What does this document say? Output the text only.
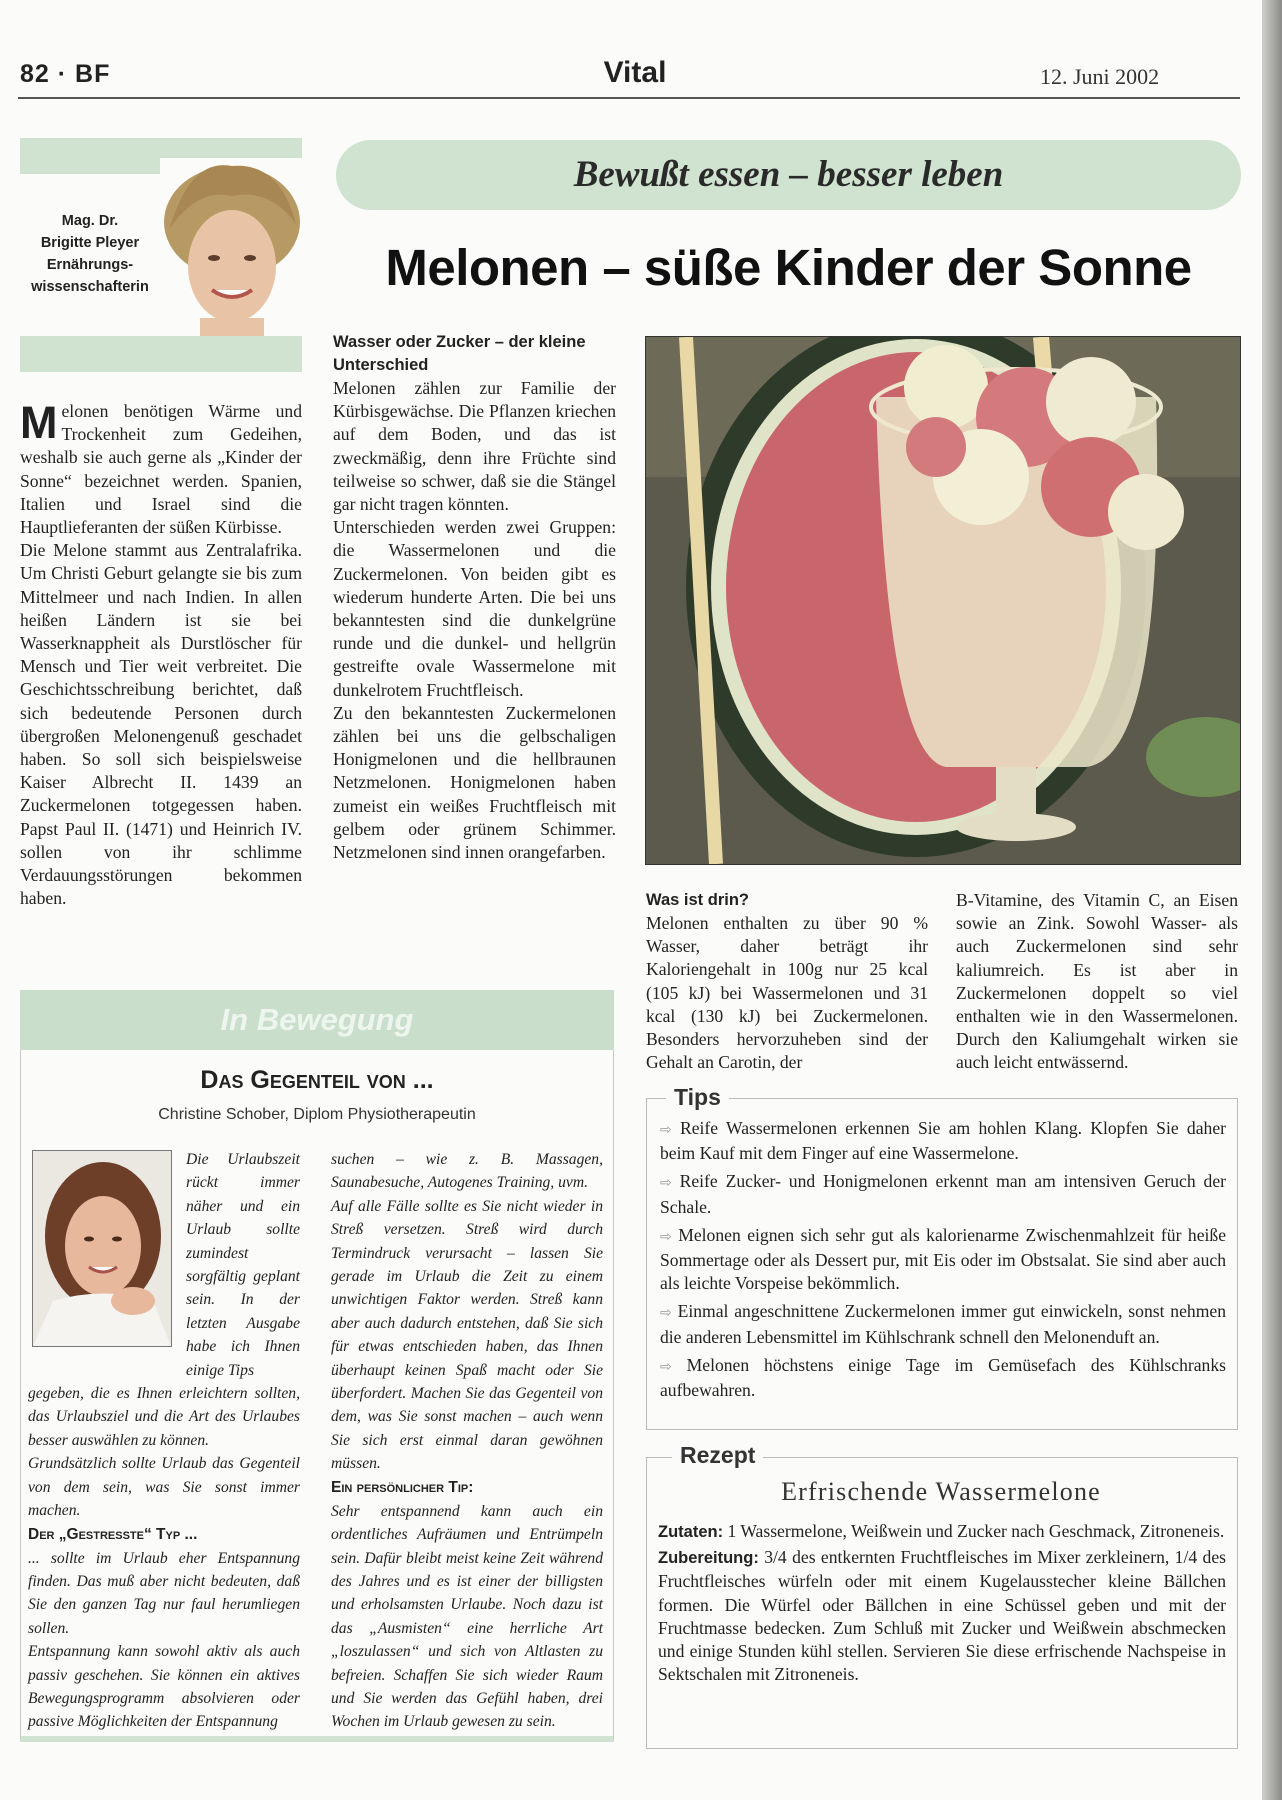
82 · BF	Vital	12. Juni 2002
Mag. Dr.
Brigitte Pleyer
Ernährungs-
wissenschafterin
Bewußt essen – besser leben
Melonen – süße Kinder der Sonne

M elonen benötigen Wärme und Trockenheit zum Gedeihen, weshalb sie auch gerne als „Kinder der Sonne“ bezeichnet werden. Spanien, Italien und Israel sind die Hauptlieferanten der süßen Kürbisse.

Die Melone stammt aus Zentralafrika. Um Christi Geburt gelangte sie bis zum Mittelmeer und nach Indien. In allen heißen Ländern ist sie bei Wasserknappheit als Durstlöscher für Mensch und Tier weit verbreitet. Die Geschichtsschreibung berichtet, daß sich bedeutende Personen durch übergroßen Melonengenuß geschadet haben. So soll sich beispielsweise Kaiser Albrecht II. 1439 an Zuckermelonen totgegessen haben. Papst Paul II. (1471) und Heinrich IV. sollen von ihr schlimme Verdauungsstörungen bekommen haben.

Wasser oder Zucker – der kleine Unterschied

Melonen zählen zur Familie der Kürbisgewächse. Die Pflanzen kriechen auf dem Boden, und das ist zweckmäßig, denn ihre Früchte sind teilweise so schwer, daß sie die Stängel gar nicht tragen könnten.

Unterschieden werden zwei Gruppen: die Wassermelonen und die Zuckermelonen. Von beiden gibt es wiederum hunderte Arten. Die bei uns bekanntesten sind die dunkelgrüne runde und die dunkel- und hellgrün gestreifte ovale Wassermelone mit dunkelrotem Fruchtfleisch.

Zu den bekanntesten Zuckermelonen zählen bei uns die gelbschaligen Honigmelonen und die hellbraunen Netzmelonen. Honigmelonen haben zumeist ein weißes Fruchtfleisch mit gelbem oder grünem Schimmer. Netzmelonen sind innen orangefarben.

Was ist drin?

Melonen enthalten zu über 90 % Wasser, daher beträgt ihr Kaloriengehalt in 100g nur 25 kcal (105 kJ) bei Wassermelonen und 31 kcal (130 kJ) bei Zuckermelonen. Besonders hervorzuheben sind der Gehalt an Carotin, der

B-Vitamine, des Vitamin C, an Eisen sowie an Zink. Sowohl Wasser- als auch Zuckermelonen sind sehr kaliumreich. Es ist aber in Zuckermelonen doppelt so viel enthalten wie in den Wassermelonen. Durch den Kaliumgehalt wirken sie auch leicht entwässernd.

Tips

⇨ Reife Wassermelonen erkennen Sie am hohlen Klang. Klopfen Sie daher beim Kauf mit dem Finger auf eine Wassermelone.

⇨ Reife Zucker- und Honigmelonen erkennt man am intensiven Geruch der Schale.

⇨ Melonen eignen sich sehr gut als kalorienarme Zwischenmahlzeit für heiße Sommertage oder als Dessert pur, mit Eis oder im Obstsalat. Sie sind aber auch als leichte Vorspeise bekömmlich.

⇨ Einmal angeschnittene Zuckermelonen immer gut einwickeln, sonst nehmen die anderen Lebensmittel im Kühlschrank schnell den Melonenduft an.

⇨ Melonen höchstens einige Tage im Gemüsefach des Kühlschranks aufbewahren.

Rezept
Erfrischende Wassermelone

Zutaten: 1 Wassermelone, Weißwein und Zucker nach Geschmack, Zitroneneis.

Zubereitung: 3/4 des entkernten Fruchtfleisches im Mixer zerkleinern, 1/4 des Fruchtfleisches würfeln oder mit einem Kugelausstecher kleine Bällchen formen. Die Würfel oder Bällchen in eine Schüssel geben und mit der Fruchtmasse bedecken. Zum Schluß mit Zucker und Weißwein abschmecken und einige Stunden kühl stellen. Servieren Sie diese erfrischende Nachspeise in Sektschalen mit Zitroneneis.

In Bewegung
Das Gegenteil von ...
Christine Schober, Diplom Physiotherapeutin

Die Urlaubszeit rückt immer näher und ein Urlaub sollte zumindest sorgfältig geplant sein. In der letzten Ausgabe habe ich Ihnen einige Tips

gegeben, die es Ihnen erleichtern sollten, das Urlaubsziel und die Art des Urlaubes besser auswählen zu können.

Grundsätzlich sollte Urlaub das Gegenteil von dem sein, was Sie sonst immer machen.

Der „Gestresste“ Typ ...

... sollte im Urlaub eher Entspannung finden. Das muß aber nicht bedeuten, daß Sie den ganzen Tag nur faul herumliegen sollen.

Entspannung kann sowohl aktiv als auch passiv geschehen. Sie können ein aktives Bewegungsprogramm absolvieren oder passive Möglichkeiten der Entspannung

suchen – wie z. B. Massagen, Saunabesuche, Autogenes Training, uvm.

Auf alle Fälle sollte es Sie nicht wieder in Streß versetzen. Streß wird durch Termindruck verursacht – lassen Sie gerade im Urlaub die Zeit zu einem unwichtigen Faktor werden. Streß kann aber auch dadurch entstehen, daß Sie sich für etwas entschieden haben, das Ihnen überhaupt keinen Spaß macht oder Sie überfordert. Machen Sie das Gegenteil von dem, was Sie sonst machen – auch wenn Sie sich erst einmal daran gewöhnen müssen.

Ein persönlicher Tip:

Sehr entspannend kann auch ein ordentliches Aufräumen und Entrümpeln sein. Dafür bleibt meist keine Zeit während des Jahres und es ist einer der billigsten und erholsamsten Urlaube. Noch dazu ist das „Ausmisten“ eine herrliche Art „loszulassen“ und sich von Altlasten zu befreien. Schaffen Sie sich wieder Raum und Sie werden das Gefühl haben, drei Wochen im Urlaub gewesen zu sein.
